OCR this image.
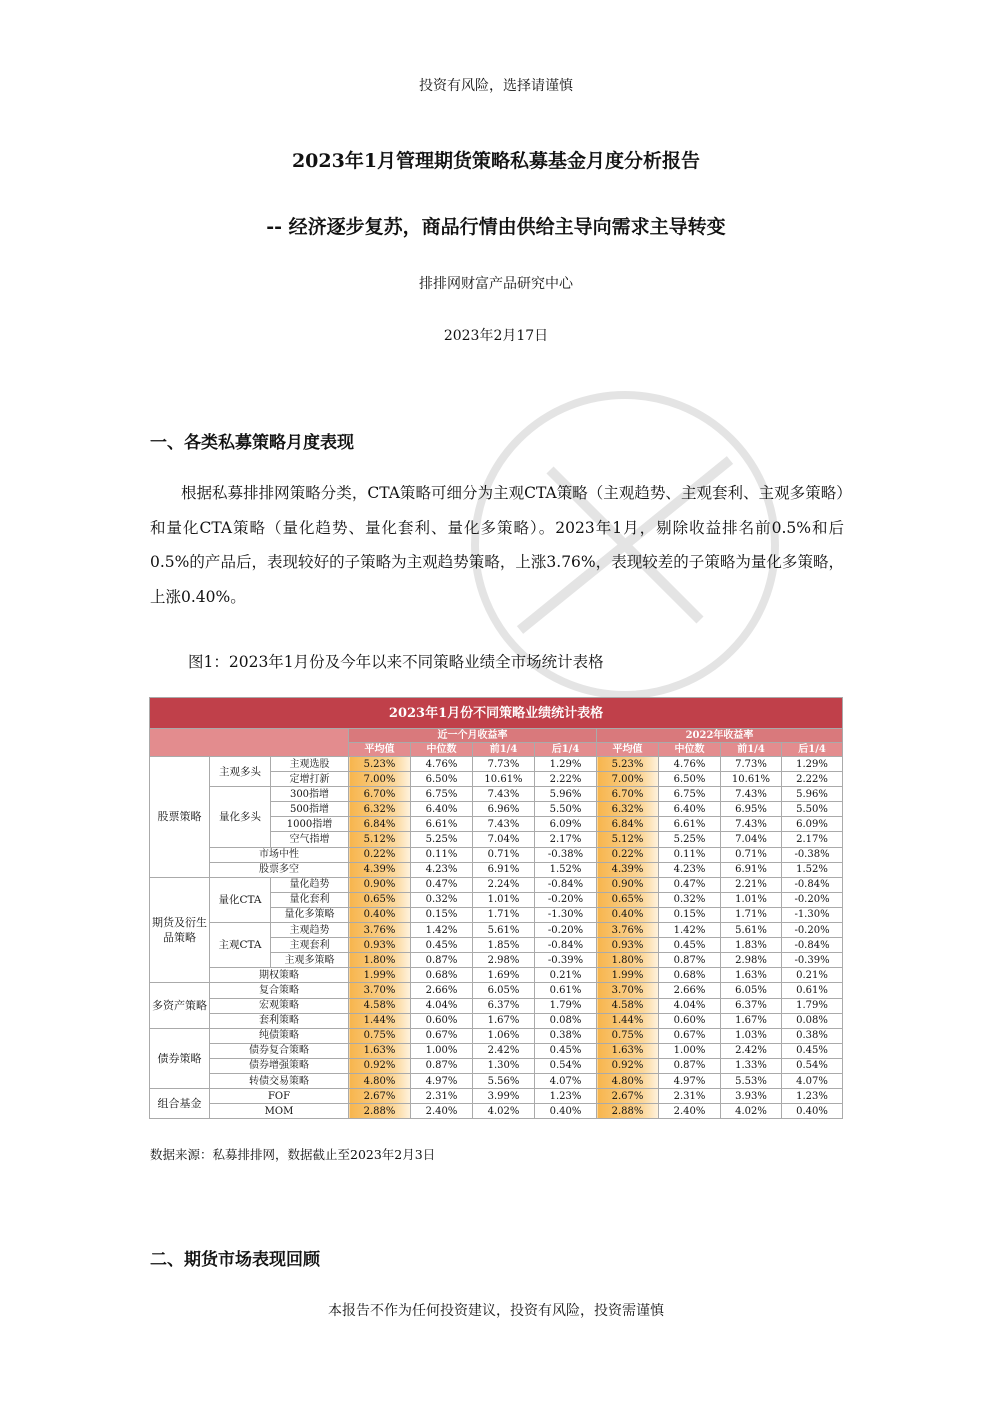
投资有风险，选择请谨慎
2023年1月管理期货策略私募基金月度分析报告
-- 经济逐步复苏，商品行情由供给主导向需求主导转变
排排网财富产品研究中心
2023年2月17日
一、各类私募策略月度表现
根据私募排排网策略分类，CTA策略可细分为主观CTA策略（主观趋势、主观套利、主观多策略）和量化CTA策略（量化趋势、量化套利、量化多策略）。2023年1月，剔除收益排名前0.5%和后0.5%的产品后，表现较好的子策略为主观趋势策略，上涨3.76%，表现较差的子策略为量化多策略，上涨0.40%。
图1：2023年1月份及今年以来不同策略业绩全市场统计表格
2023年1月份不同策略业绩统计表格										
			近一个月收益率				2022年收益率			
			平均值	中位数	前1/4	后1/4	平均值	中位数	前1/4	后1/4
股票策略	主观多头	主观选股	5.23%	4.76%	7.73%	1.29%	5.23%	4.76%	7.73%	1.29%
		定增打新	7.00%	6.50%	10.61%	2.22%	7.00%	6.50%	10.61%	2.22%
	量化多头	300指增	6.70%	6.75%	7.43%	5.96%	6.70%	6.75%	7.43%	5.96%
		500指增	6.32%	6.40%	6.96%	5.50%	6.32%	6.40%	6.95%	5.50%
		1000指增	6.84%	6.61%	7.43%	6.09%	6.84%	6.61%	7.43%	6.09%
		空气指增	5.12%	5.25%	7.04%	2.17%	5.12%	5.25%	7.04%	2.17%
	市场中性		0.22%	0.11%	0.71%	-0.38%	0.22%	0.11%	0.71%	-0.38%
	股票多空		4.39%	4.23%	6.91%	1.52%	4.39%	4.23%	6.91%	1.52%
期货及衍生品策略	量化CTA	量化趋势	0.90%	0.47%	2.24%	-0.84%	0.90%	0.47%	2.21%	-0.84%
		量化套利	0.65%	0.32%	1.01%	-0.20%	0.65%	0.32%	1.01%	-0.20%
		量化多策略	0.40%	0.15%	1.71%	-1.30%	0.40%	0.15%	1.71%	-1.30%
	主观CTA	主观趋势	3.76%	1.42%	5.61%	-0.20%	3.76%	1.42%	5.61%	-0.20%
		主观套利	0.93%	0.45%	1.85%	-0.84%	0.93%	0.45%	1.83%	-0.84%
		主观多策略	1.80%	0.87%	2.98%	-0.39%	1.80%	0.87%	2.98%	-0.39%
	期权策略		1.99%	0.68%	1.69%	0.21%	1.99%	0.68%	1.63%	0.21%
多资产策略	复合策略		3.70%	2.66%	6.05%	0.61%	3.70%	2.66%	6.05%	0.61%
	宏观策略		4.58%	4.04%	6.37%	1.79%	4.58%	4.04%	6.37%	1.79%
	套利策略		1.44%	0.60%	1.67%	0.08%	1.44%	0.60%	1.67%	0.08%
债券策略	纯债策略		0.75%	0.67%	1.06%	0.38%	0.75%	0.67%	1.03%	0.38%
	债券复合策略		1.63%	1.00%	2.42%	0.45%	1.63%	1.00%	2.42%	0.45%
	债券增强策略		0.92%	0.87%	1.30%	0.54%	0.92%	0.87%	1.33%	0.54%
	转债交易策略		4.80%	4.97%	5.56%	4.07%	4.80%	4.97%	5.53%	4.07%
组合基金	FOF		2.67%	2.31%	3.99%	1.23%	2.67%	2.31%	3.93%	1.23%
	MOM		2.88%	2.40%	4.02%	0.40%	2.88%	2.40%	4.02%	0.40%
数据来源：私募排排网，数据截止至2023年2月3日
二、期货市场表现回顾
本报告不作为任何投资建议，投资有风险，投资需谨慎
